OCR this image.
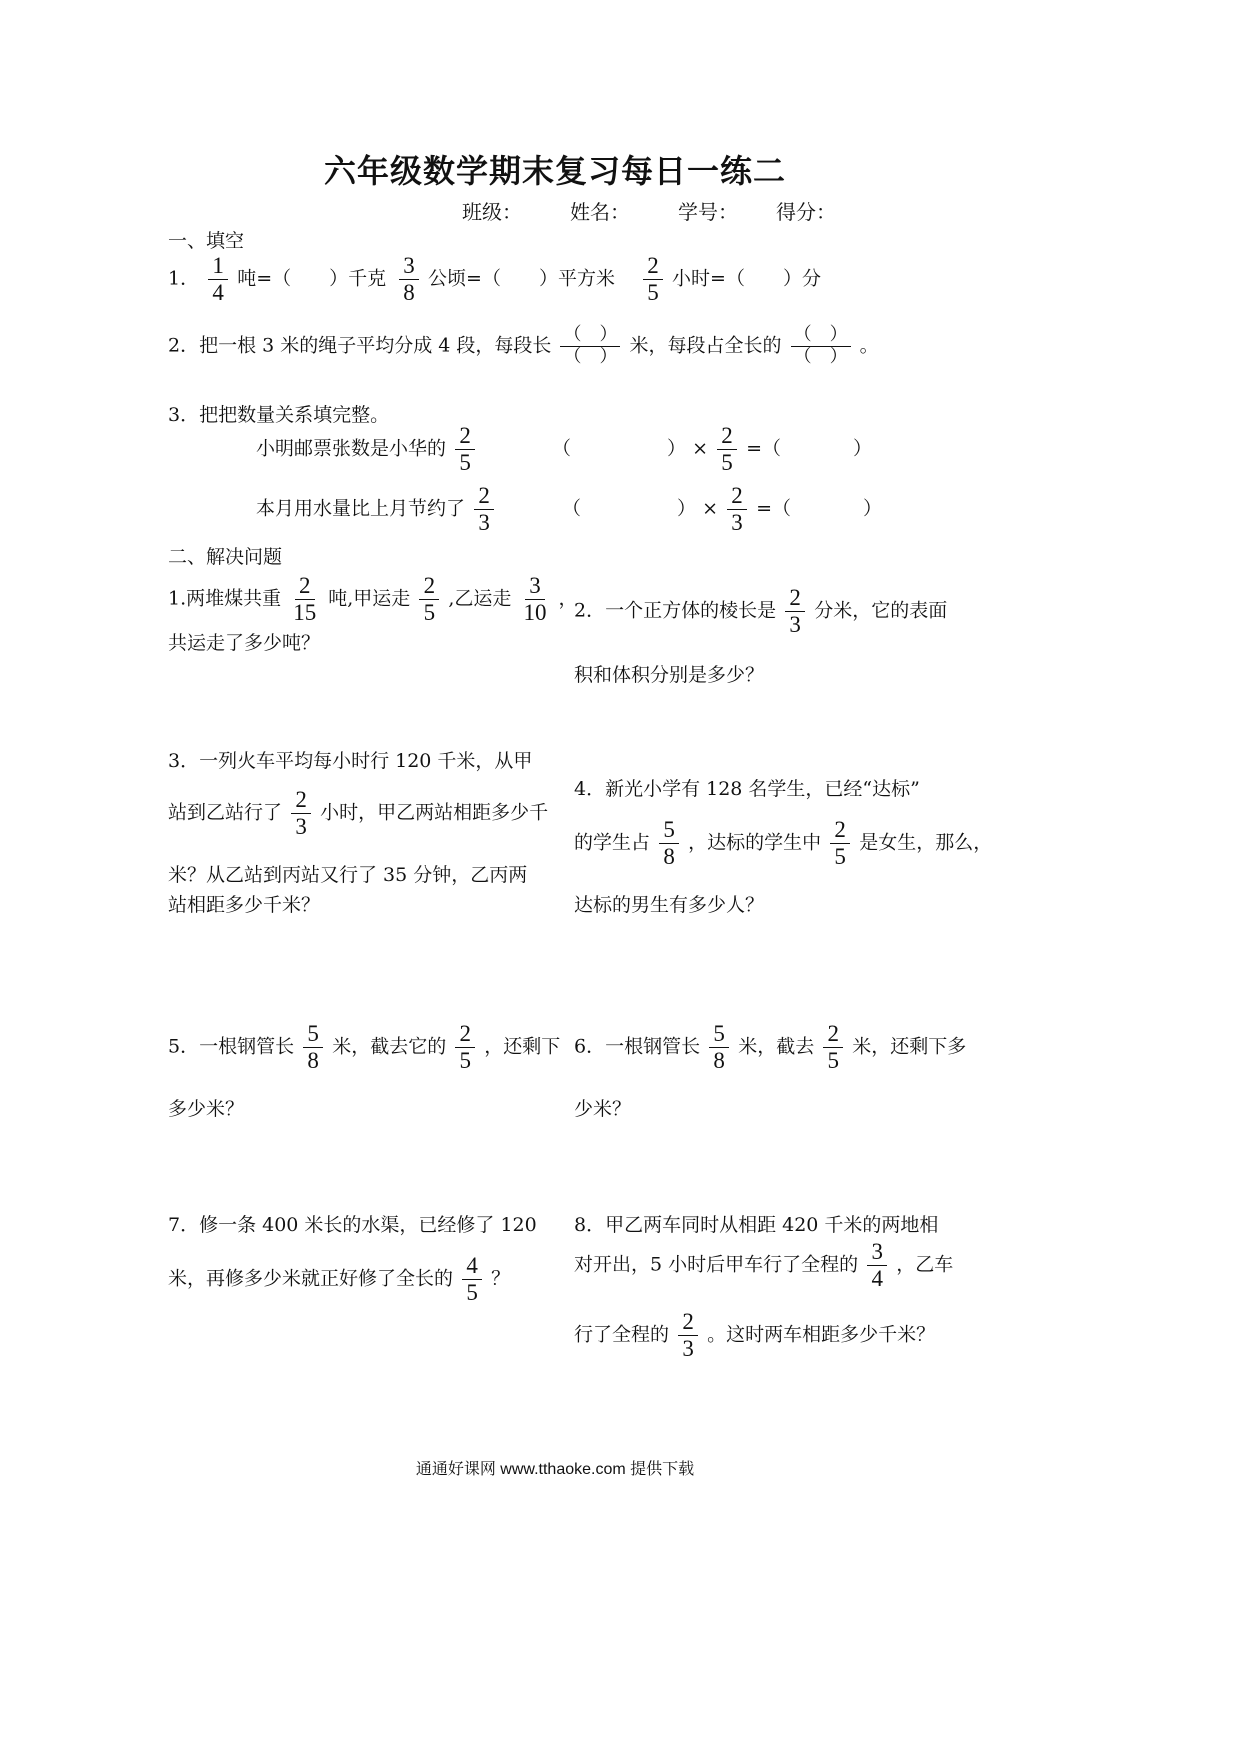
六年级数学期末复习每日一练二
班级： 姓名： 学号： 得分：
一、填空
1． $\frac{1}{4}$ 吨=（　　）千克 $\frac{3}{8}$ 公顷=（　　）平方米 $\frac{2}{5}$ 小时=（　　）分
2．把一根 3 米的绳子平均分成 4 段，每段长 $\frac{( )}{( )}$ 米，每段占全长的 $\frac{( )}{( )}$ 。
3．把把数量关系填完整。
小明邮票张数是小华的 $\frac{2}{5}$	（	） × $\frac{2}{5}$ =（	）
本月用水量比上月节约了 $\frac{2}{3}$	（	） × $\frac{2}{3}$ =（	）
二、解决问题
1.两堆煤共重 $\frac{2}{15}$ 吨,甲运走 $\frac{2}{5}$ ,乙运走 $\frac{3}{10}$ ，
共运走了多少吨？
2．一个正方体的棱长是 $\frac{2}{3}$ 分米，它的表面
积和体积分别是多少？
3．一列火车平均每小时行 120 千米，从甲
站到乙站行了 $\frac{2}{3}$ 小时，甲乙两站相距多少千
米？从乙站到丙站又行了 35 分钟，乙丙两
站相距多少千米？
4．新光小学有 128 名学生，已经“达标”
的学生占 $\frac{5}{8}$ ，达标的学生中 $\frac{2}{5}$ 是女生，那么，
达标的男生有多少人？
5．一根钢管长 $\frac{5}{8}$ 米，截去它的 $\frac{2}{5}$ ，还剩下
多少米？
6．一根钢管长 $\frac{5}{8}$ 米，截去 $\frac{2}{5}$ 米，还剩下多
少米？
7．修一条 400 米长的水渠，已经修了 120
米，再修多少米就正好修了全长的 $\frac{4}{5}$ ？
8．甲乙两车同时从相距 420 千米的两地相
对开出，5 小时后甲车行了全程的 $\frac{3}{4}$ ，乙车
行了全程的 $\frac{2}{3}$ 。这时两车相距多少千米？
通通好课网 www.tthaoke.com 提供下载
